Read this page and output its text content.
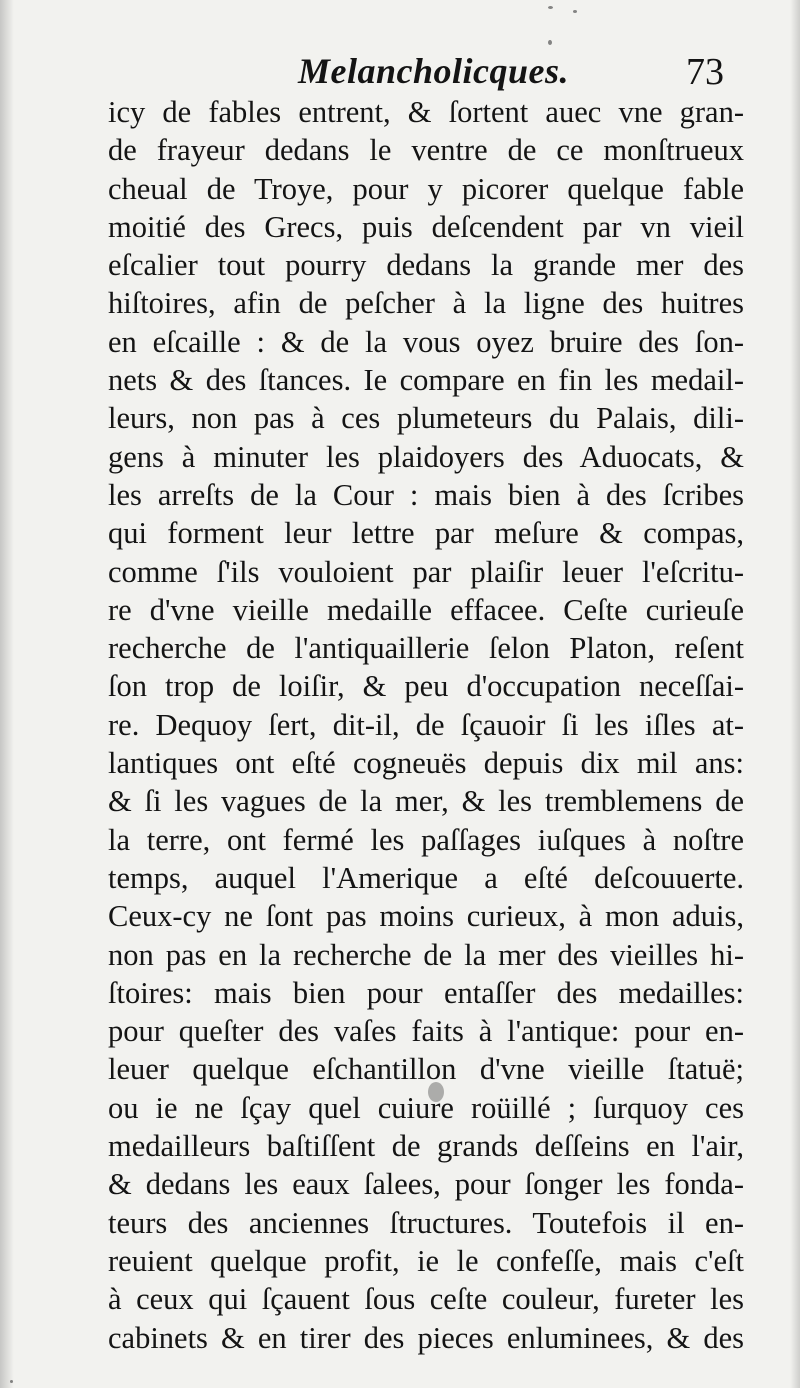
Melancholicques.	73
icy de fables entrent, & ſortent auec vne gran-
de frayeur dedans le ventre de ce monſtrueux
cheual de Troye, pour y picorer quelque fable
moitié des Grecs, puis deſcendent par vn vieil
eſcalier tout pourry dedans la grande mer des
hiſtoires, afin de peſcher à la ligne des huitres
en eſcaille : & de la vous oyez bruire des ſon-
nets & des ſtances. Ie compare en fin les medail-
leurs, non pas à ces plumeteurs du Palais, dili-
gens à minuter les plaidoyers des Aduocats, &
les arreſts de la Cour : mais bien à des ſcribes
qui forment leur lettre par meſure & compas,
comme ſ'ils vouloient par plaiſir leuer l'eſcritu-
re d'vne vieille medaille effacee. Ceſte curieuſe
recherche de l'antiquaillerie ſelon Platon, reſent
ſon trop de loiſir, & peu d'occupation neceſſai-
re. Dequoy ſert, dit-il, de ſçauoir ſi les iſles at-
lantiques ont eſté cogneuës depuis dix mil ans:
& ſi les vagues de la mer, & les tremblemens de
la terre, ont fermé les paſſages iuſques à noſtre
temps, auquel l'Amerique a eſté deſcouuerte.
Ceux-cy ne ſont pas moins curieux, à mon aduis,
non pas en la recherche de la mer des vieilles hi-
ſtoires: mais bien pour entaſſer des medailles:
pour queſter des vaſes faits à l'antique: pour en-
leuer quelque eſchantillon d'vne vieille ſtatuë;
ou ie ne ſçay quel cuiure roüillé ; ſurquoy ces
medailleurs baſtiſſent de grands deſſeins en l'air,
& dedans les eaux ſalees, pour ſonger les fonda-
teurs des anciennes ſtructures. Toutefois il en-
reuient quelque profit, ie le confeſſe, mais c'eſt
à ceux qui ſçauent ſous ceſte couleur, fureter les
cabinets & en tirer des pieces enluminees, & des
